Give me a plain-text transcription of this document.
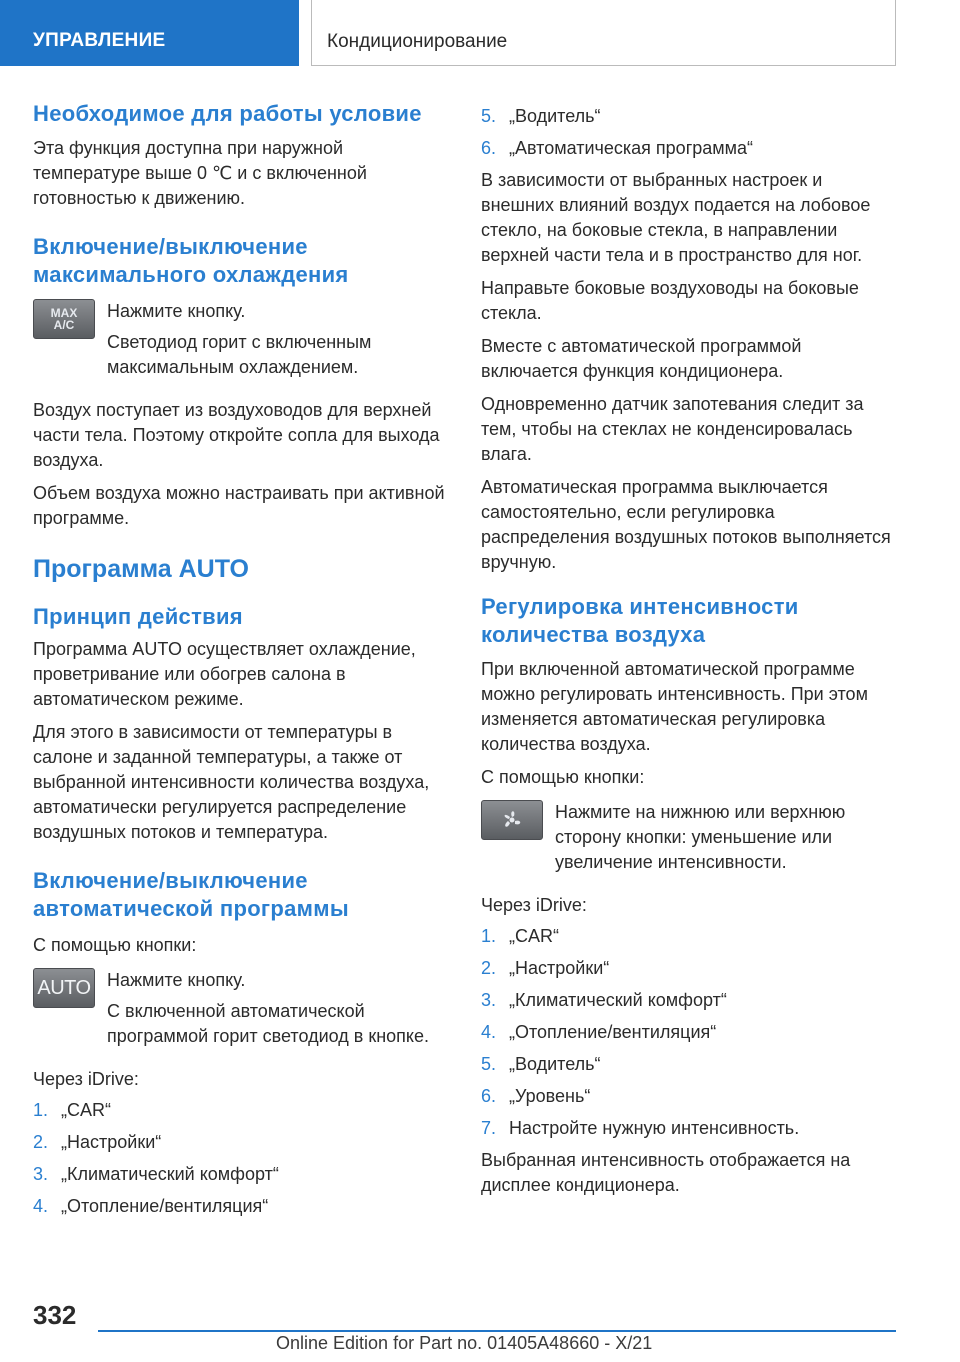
УПРАВЛЕНИЕ	Кондиционирование
Необходимое для работы условие
Эта функция доступна при наружной температуре выше 0 ℃ и с включенной готовностью к движению.
Включение/выключение максимального охлаждения
MAX
A/C
Нажмите кнопку.
Светодиод горит с включенным максимальным охлаждением.
Воздух поступает из воздуховодов для верхней части тела. Поэтому откройте сопла для выхода воздуха.
Объем воздуха можно настраивать при активной программе.
Программа AUTO
Принцип действия
Программа AUTO осуществляет охлаждение, проветривание или обогрев салона в автоматическом режиме.
Для этого в зависимости от температуры в салоне и заданной температуры, а также от выбранной интенсивности количества воздуха, автоматически регулируется распределение воздушных потоков и температура.
Включение/выключение автоматической программы
С помощью кнопки:
AUTO Нажмите кнопку.
С включенной автоматической программой горит светодиод в кнопке.
Через iDrive:
1. „CAR“
2. „Настройки“
3. „Климатический комфорт“
4. „Отопление/вентиляция“
5. „Водитель“
6. „Автоматическая программа“
В зависимости от выбранных настроек и внешних влияний воздух подается на лобовое стекло, на боковые стекла, в направлении верхней части тела и в пространство для ног.
Направьте боковые воздуховоды на боковые стекла.
Вместе с автоматической программой включается функция кондиционера.
Одновременно датчик запотевания следит за тем, чтобы на стеклах не конденсировалась влага.
Автоматическая программа выключается самостоятельно, если регулировка распределения воздушных потоков выполняется вручную.
Регулировка интенсивности количества воздуха
При включенной автоматической программе можно регулировать интенсивность. При этом изменяется автоматическая регулировка количества воздуха.
С помощью кнопки:
Нажмите на нижнюю или верхнюю сторону кнопки: уменьшение или увеличение интенсивности.
Через iDrive:
1. „CAR“
2. „Настройки“
3. „Климатический комфорт“
4. „Отопление/вентиляция“
5. „Водитель“
6. „Уровень“
7. Настройте нужную интенсивность.
Выбранная интенсивность отображается на дисплее кондиционера.
332
Online Edition for Part no. 01405A48660 - X/21
